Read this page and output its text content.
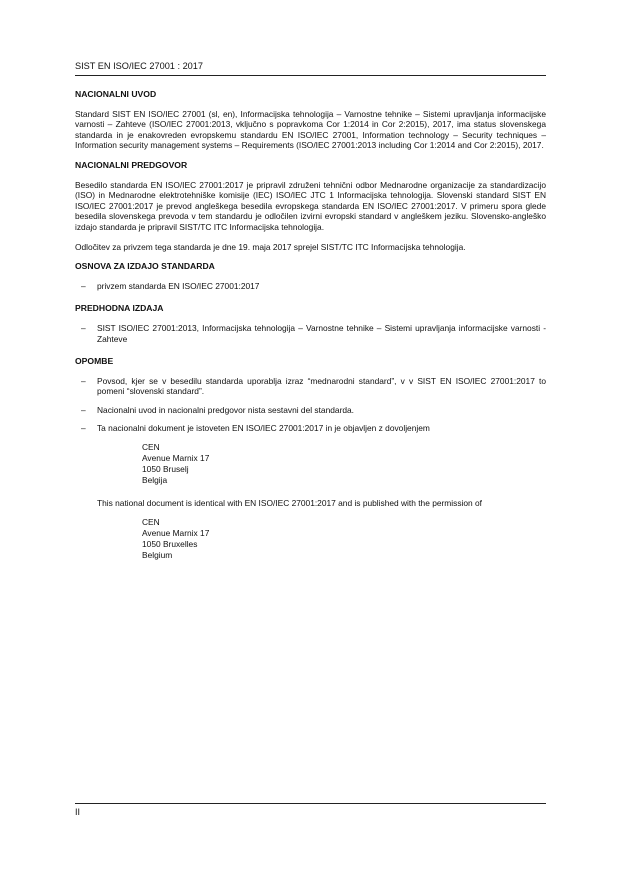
SIST EN ISO/IEC 27001 : 2017
NACIONALNI UVOD
Standard SIST EN ISO/IEC 27001 (sl, en), Informacijska tehnologija – Varnostne tehnike – Sistemi upravljanja informacijske varnosti – Zahteve (ISO/IEC 27001:2013, vključno s popravkoma Cor 1:2014 in Cor 2:2015), 2017, ima status slovenskega standarda in je enakovreden evropskemu standardu EN ISO/IEC 27001, Information technology – Security techniques – Information security management systems – Requirements (ISO/IEC 27001:2013 including Cor 1:2014 and Cor 2:2015), 2017.
NACIONALNI PREDGOVOR
Besedilo standarda EN ISO/IEC 27001:2017 je pripravil združeni tehnični odbor Mednarodne organizacije za standardizacijo (ISO) in Mednarodne elektrotehniške komisije (IEC) ISO/IEC JTC 1 Informacijska tehnologija. Slovenski standard SIST EN ISO/IEC 27001:2017 je prevod angleškega besedila evropskega standarda EN ISO/IEC 27001:2017. V primeru spora glede besedila slovenskega prevoda v tem standardu je odločilen izvirni evropski standard v angleškem jeziku. Slovensko-angleško izdajo standarda je pripravil SIST/TC ITC Informacijska tehnologija.
Odločitev za privzem tega standarda je dne 19. maja 2017 sprejel SIST/TC ITC Informacijska tehnologija.
OSNOVA ZA IZDAJO STANDARDA
– privzem standarda EN ISO/IEC 27001:2017
PREDHODNA IZDAJA
– SIST ISO/IEC 27001:2013, Informacijska tehnologija – Varnostne tehnike – Sistemi upravljanja informacijske varnosti - Zahteve
OPOMBE
– Povsod, kjer se v besedilu standarda uporablja izraz “mednarodni standard”, v v SIST EN ISO/IEC 27001:2017 to pomeni “slovenski standard”.
– Nacionalni uvod in nacionalni predgovor nista sestavni del standarda.
– Ta nacionalni dokument je istoveten EN ISO/IEC 27001:2017 in je objavljen z dovoljenjem
CEN
Avenue Marnix 17
1050 Bruselj
Belgija
This national document is identical with EN ISO/IEC 27001:2017 and is published with the permission of
CEN
Avenue Marnix 17
1050 Bruxelles
Belgium
II
